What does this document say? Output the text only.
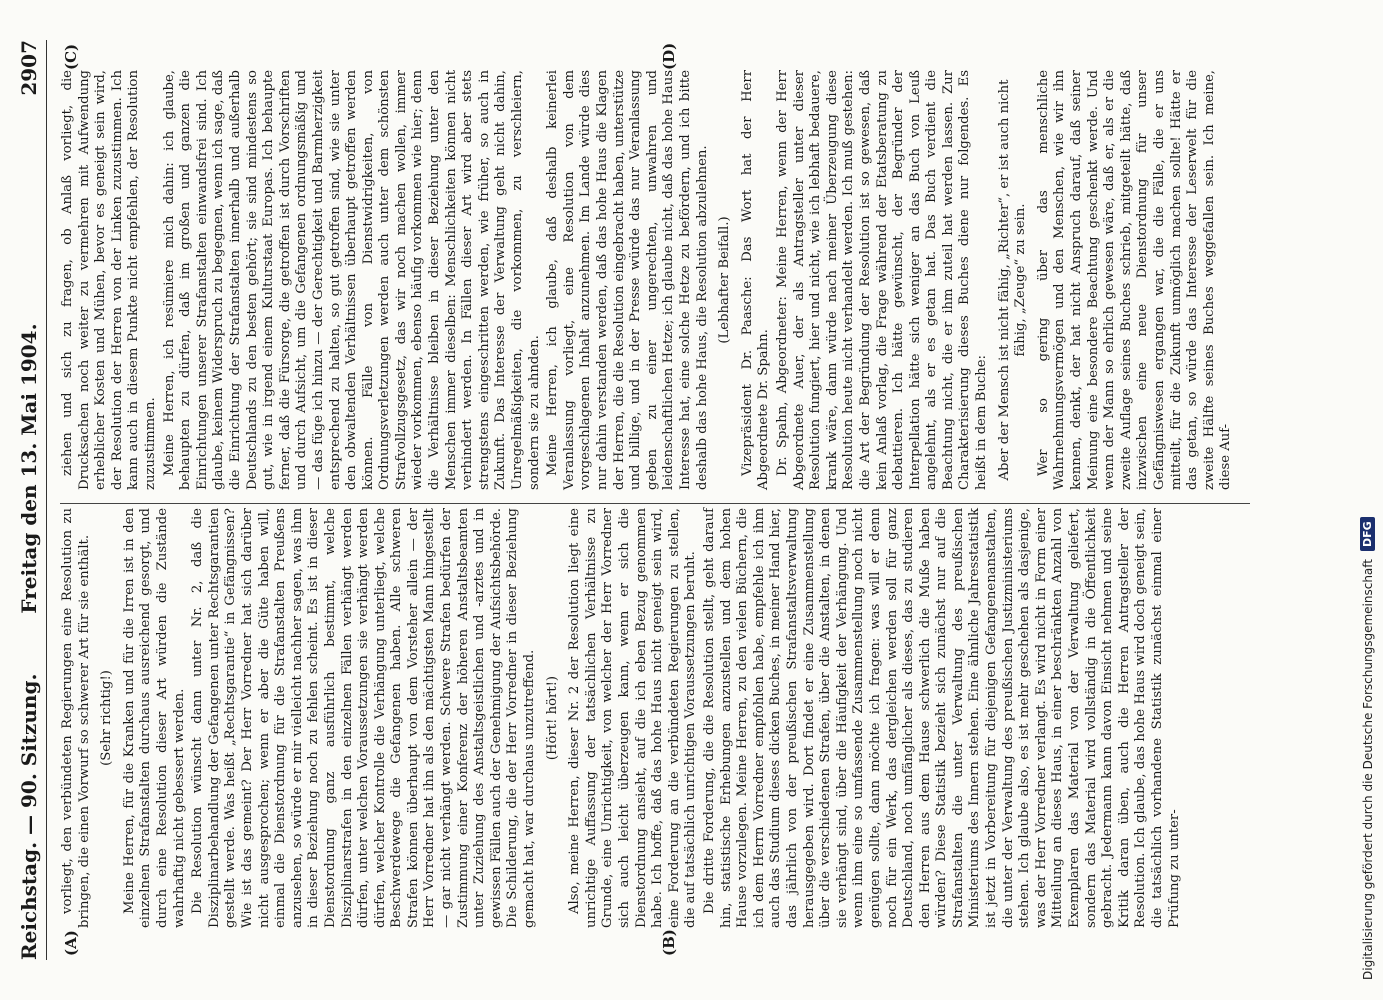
Reichstag. — 90. Sitzung.
Freitag den 13. Mai 1904.
2907
(A)	(B)
(C)	(D)

vorliegt, den verbündeten Regierungen eine Resolution zu bringen, die einen Vorwurf so schwerer Art für sie enthält. (Sehr richtig!) Meine Herren, für die Kranken und für die Irren ist in den einzelnen Strafanstalten durchaus ausreichend gesorgt, und durch eine Resolution dieser Art würden die Zustände wahrhaftig nicht gebessert werden. Die Resolution wünscht dann unter Nr. 2, daß die Disziplinarbehandlung der Gefangenen unter Rechtsgarantien gestellt werde. Was heißt „Rechtsgarantie“ in Gefängnissen? Wie ist das gemeint? Der Herr Vorredner hat sich darüber nicht ausgesprochen; wenn er aber die Güte haben will, einmal die Dienstordnung für die Strafanstalten Preußens anzusehen, so würde er mir vielleicht nachher sagen, was ihm in dieser Beziehung noch zu fehlen scheint. Es ist in dieser Dienstordnung ganz ausführlich bestimmt, welche Disziplinarstrafen in den einzelnen Fällen verhängt werden dürfen, unter welchen Voraussetzungen sie verhängt werden dürfen, welcher Kontrolle die Verhängung unterliegt, welche Beschwerdewege die Gefangenen haben. Alle schweren Strafen können überhaupt von dem Vorsteher allein — der Herr Vorredner hat ihn als den mächtigsten Mann hingestellt — gar nicht verhängt werden. Schwere Strafen bedürfen der Zustimmung einer Konferenz der höheren Anstaltsbeamten unter Zuziehung des Anstaltsgeistlichen und -arztes und in gewissen Fällen auch der Genehmigung der Aufsichtsbehörde. Die Schilderung, die der Herr Vorredner in dieser Beziehung gemacht hat, war durchaus unzutreffend. (Hört! hört!) Also, meine Herren, dieser Nr. 2 der Resolution liegt eine unrichtige Auffassung der tatsächlichen Verhältnisse zu Grunde, eine Unrichtigkeit, von welcher der Herr Vorredner sich auch leicht überzeugen kann, wenn er sich die Dienstordnung ansieht, auf die ich eben Bezug genommen habe. Ich hoffe, daß das hohe Haus nicht geneigt sein wird, eine Forderung an die verbündeten Regierungen zu stellen, die auf tatsächlich unrichtigen Voraussetzungen beruht. Die dritte Forderung, die die Resolution stellt, geht darauf hin, statistische Erhebungen anzustellen und dem hohen Hause vorzulegen. Meine Herren, zu den vielen Büchern, die ich dem Herrn Vorredner empfohlen habe, empfehle ich ihm auch das Studium dieses dicken Buches, in meiner Hand hier, das jährlich von der preußischen Strafanstaltsverwaltung herausgegeben wird. Dort findet er eine Zusammenstellung über die verschiedenen Strafen, über die Anstalten, in denen sie verhängt sind, über die Häufigkeit der Verhängung. Und wenn ihm eine so umfassende Zusammenstellung noch nicht genügen sollte, dann möchte ich fragen: was will er denn noch für ein Werk, das dergleichen werden soll für ganz Deutschland, noch umfänglicher als dieses, das zu studieren den Herren aus dem Hause schwerlich die Muße haben würden? Diese Statistik bezieht sich zunächst nur auf die Strafanstalten die unter Verwaltung des preußischen Ministeriums des Innern stehen. Eine ähnliche Jahresstatistik ist jetzt in Vorbereitung für diejenigen Gefangenenanstalten, die unter der Verwaltung des preußischen Justizministeriums stehen. Ich glaube also, es ist mehr geschehen als dasjenige, was der Herr Vorredner verlangt. Es wird nicht in Form einer Mitteilung an dieses Haus, in einer beschränkten Anzahl von Exemplaren das Material von der Verwaltung geliefert, sondern das Material wird vollständig in die Öffentlichkeit gebracht. Jedermann kann davon Einsicht nehmen und seine Kritik daran üben, auch die Herren Antragsteller der Resolution. Ich glaube, das hohe Haus wird doch geneigt sein, die tatsächlich vorhandene Statistik zunächst einmal einer Prüfung zu unter-

ziehen und sich zu fragen, ob Anlaß vorliegt, die Drucksachen noch weiter zu vermehren mit Aufwendung erheblicher Kosten und Mühen, bevor es geneigt sein wird, der Resolution der Herren von der Linken zuzustimmen. Ich kann auch in diesem Punkte nicht empfehlen, der Resolution zuzustimmen. Meine Herren, ich resümiere mich dahin: ich glaube, behaupten zu dürfen, daß im großen und ganzen die Einrichtungen unserer Strafanstalten einwandsfrei sind. Ich glaube, keinem Widerspruch zu begegnen, wenn ich sage, daß die Einrichtung der Strafanstalten innerhalb und außerhalb Deutschlands zu den besten gehört; sie sind mindestens so gut, wie in irgend einem Kulturstaat Europas. Ich behaupte ferner, daß die Fürsorge, die getroffen ist durch Vorschriften und durch Aufsicht, um die Gefangenen ordnungsmäßig und — das füge ich hinzu — der Gerechtigkeit und Barmherzigkeit entsprechend zu halten, so gut getroffen sind, wie sie unter den obwaltenden Verhältnissen überhaupt getroffen werden können. Fälle von Dienstwidrigkeiten, von Ordnungsverletzungen werden auch unter dem schönsten Strafvollzugsgesetz, das wir noch machen wollen, immer wieder vorkommen, ebenso häufig vorkommen wie hier; denn die Verhältnisse bleiben in dieser Beziehung unter den Menschen immer dieselben: Menschlichkeiten können nicht verhindert werden. In Fällen dieser Art wird aber stets strengstens eingeschritten werden, wie früher, so auch in Zukunft. Das Interesse der Verwaltung geht nicht dahin, Unregelmäßigkeiten, die vorkommen, zu verschleiern, sondern sie zu ahnden. Meine Herren, ich glaube, daß deshalb keinerlei Veranlassung vorliegt, eine Resolution von dem vorgeschlagenen Inhalt anzunehmen. Im Lande würde dies nur dahin verstanden werden, daß das hohe Haus die Klagen der Herren, die die Resolution eingebracht haben, unterstütze und billige, und in der Presse würde das nur Veranlassung geben zu einer ungerechten, unwahren und leidenschaftlichen Hetze; ich glaube nicht, daß das hohe Haus Interesse hat, eine solche Hetze zu befördern, und ich bitte deshalb das hohe Haus, die Resolution abzulehnen. (Lebhafter Beifall.) Vizepräsident Dr. Paasche: Das Wort hat der Herr Abgeordnete Dr. Spahn. Dr. Spahn, Abgeordneter: Meine Herren, wenn der Herr Abgeordnete Auer, der als Antragsteller unter dieser Resolution fungiert, hier und nicht, wie ich lebhaft bedauere, krank wäre, dann würde nach meiner Überzeugung diese Resolution heute nicht verhandelt werden. Ich muß gestehen: die Art der Begründung der Resolution ist so gewesen, daß kein Anlaß vorlag, die Frage während der Etatsberatung zu debattieren. Ich hätte gewünscht, der Begründer der Interpellation hätte sich weniger an das Buch von Leuß angelehnt, als er es getan hat. Das Buch verdient die Beachtung nicht, die er ihm zuteil hat werden lassen. Zur Charakterisierung dieses Buches diene nur folgendes. Es heißt in dem Buche: Aber der Mensch ist nicht fähig, „Richter“, er ist auch nicht fähig, „Zeuge“ zu sein. Wer so gering über das menschliche Wahrnehmungsvermögen und den Menschen, wie wir ihn kennen, denkt, der hat nicht Anspruch darauf, daß seiner Meinung eine besondere Beachtung geschenkt werde. Und wenn der Mann so ehrlich gewesen wäre, daß er, als er die zweite Auflage seines Buches schrieb, mitgeteilt hätte, daß inzwischen eine neue Dienstordnung für unser Gefängniswesen ergangen war, die die Fälle, die er uns mitteilt, für die Zukunft unmöglich machen sollte! Hätte er das getan, so würde das Interesse der Leserwelt für die zweite Hälfte seines Buches weggefallen sein. Ich meine, diese Auf-

Digitalisierung gefördert durch die Deutsche Forschungsgemeinschaft
DFG
